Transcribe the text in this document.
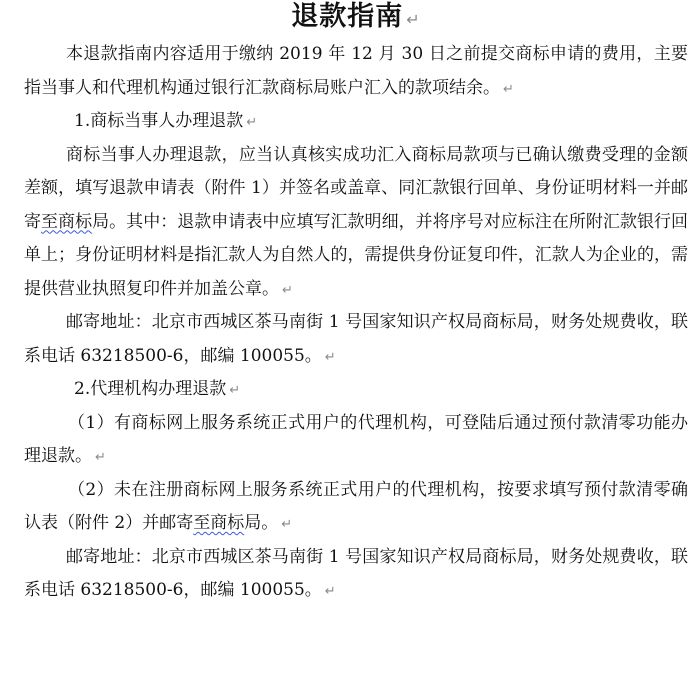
退款指南 ↵

本退款指南内容适用于缴纳 2019 年 12 月 30 日之前提交商标申请的费用，主要指当事人和代理机构通过银行汇款商标局账户汇入的款项结余。 ↵

1.商标当事人办理退款 ↵

商标当事人办理退款，应当认真核实成功汇入商标局款项与已确认缴费受理的金额差额，填写退款申请表（附件 1）并签名或盖章、同汇款银行回单、身份证明材料一并邮寄至商标局。其中：退款申请表中应填写汇款明细，并将序号对应标注在所附汇款银行回单上；身份证明材料是指汇款人为自然人的，需提供身份证复印件，汇款人为企业的，需提供营业执照复印件并加盖公章。 ↵

邮寄地址：北京市西城区茶马南街 1 号国家知识产权局商标局，财务处规费收，联系电话 63218500-6，邮编 100055。 ↵

2.代理机构办理退款 ↵

（1）有商标网上服务系统正式用户的代理机构，可登陆后通过预付款清零功能办理退款。 ↵

（2）未在注册商标网上服务系统正式用户的代理机构，按要求填写预付款清零确认表（附件 2）并邮寄至商标局。 ↵

邮寄地址：北京市西城区茶马南街 1 号国家知识产权局商标局，财务处规费收，联系电话 63218500-6，邮编 100055。 ↵
